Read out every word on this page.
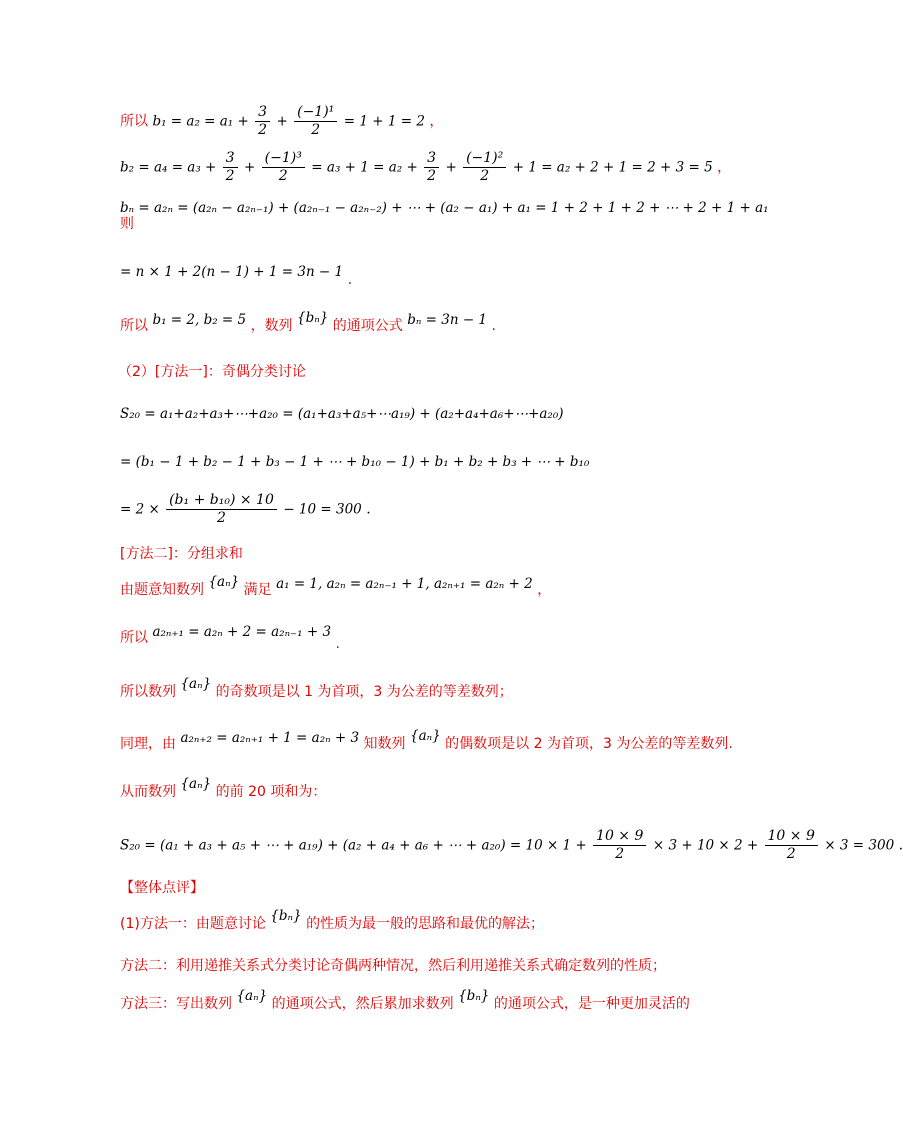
所以 $b_1 = a_2 = a_1 + \frac{3}{2} + \frac{\text{(−1)¹}}{2} = 1 + 1 = 2$ ，
$b_2 = a_4 = a_3 + \frac{3}{2} + \frac{\text{(−1)³}}{2} = a_3 + 1 = a_2 + \frac{3}{2} + \frac{\text{(−1)²}}{2} + 1 = a_2 + 2 + 1 = 2 + 3 = 5$ ，
bₙ = a₂ₙ = (a₂ₙ − a₂ₙ₋₁) + (a₂ₙ₋₁ − a₂ₙ₋₂) + ⋯ + (a₂ − a₁) + a₁ = 1 + 2 + 1 + 2 + ⋯ + 2 + 1 + a₁
则
= n × 1 + 2(n − 1) + 1 = 3n − 1 .
所以 b₁ = 2, b₂ = 5 ，数列 {bₙ} 的通项公式 bₙ = 3n − 1 .
（2）[方法一]：奇偶分类讨论
S₂₀ = a₁+a₂+a₃+⋯+a₂₀ = (a₁+a₃+a₅+⋯a₁₉) + (a₂+a₄+a₆+⋯+a₂₀)
= (b₁ − 1 + b₂ − 1 + b₃ − 1 + ⋯ + b₁₀ − 1) + b₁ + b₂ + b₃ + ⋯ + b₁₀
= $2 \times \frac{\text{(b₁ + b₁₀) × 10}}{2} - 10 = 300$ .
[方法二]：分组求和
由题意知数列 {aₙ} 满足 a₁ = 1, a₂ₙ = a₂ₙ₋₁ + 1, a₂ₙ₊₁ = a₂ₙ + 2 ，
所以 a₂ₙ₊₁ = a₂ₙ + 2 = a₂ₙ₋₁ + 3 .
所以数列 {aₙ} 的奇数项是以 1 为首项，3 为公差的等差数列；
同理，由 a₂ₙ₊₂ = a₂ₙ₊₁ + 1 = a₂ₙ + 3 知数列 {aₙ} 的偶数项是以 2 为首项，3 为公差的等差数列.
从而数列 {aₙ} 的前 20 项和为：
S₂₀ = (a₁ + a₃ + a₅ + ⋯ + a₁₉) + (a₂ + a₄ + a₆ + ⋯ + $a_{20}) = 10 \times 1 + \frac{10 \times 9}{2} \times 3 + 10 \times 2 + \frac{10 \times 9}{2} \times 3 = 300$ .
【整体点评】
(1)方法一：由题意讨论 {bₙ} 的性质为最一般的思路和最优的解法；
方法二：利用递推关系式分类讨论奇偶两种情况，然后利用递推关系式确定数列的性质；
方法三：写出数列 {aₙ} 的通项公式，然后累加求数列 {bₙ} 的通项公式，是一种更加灵活的
